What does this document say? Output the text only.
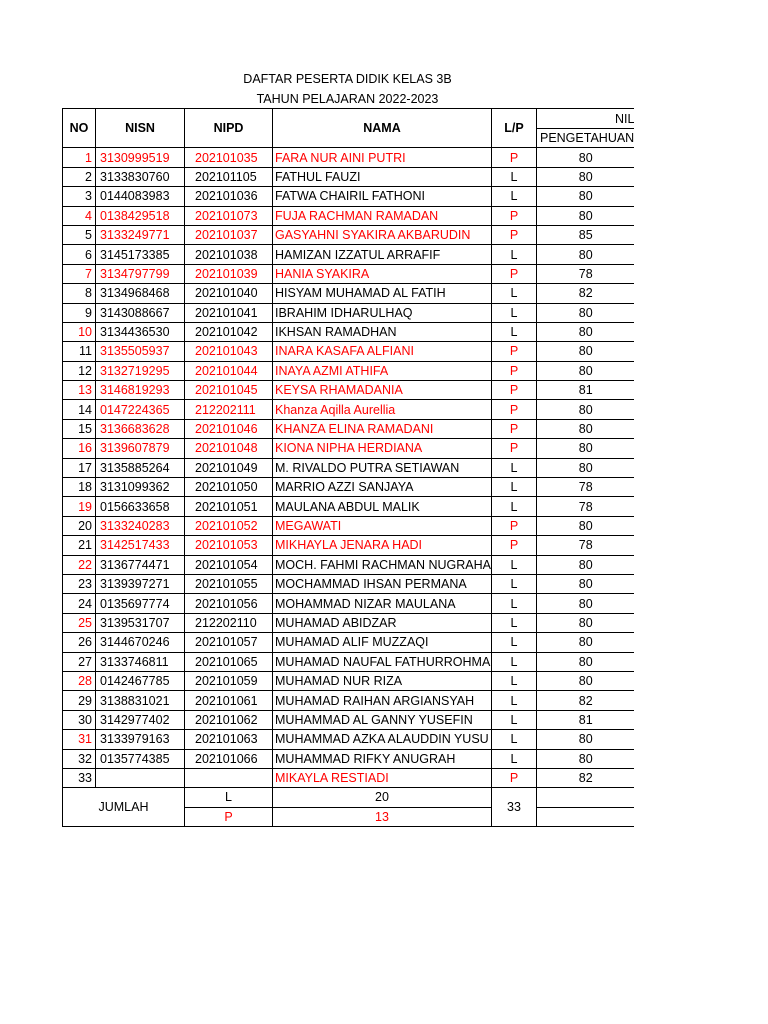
DAFTAR PESERTA DIDIK KELAS 3B
TAHUN PELAJARAN 2022-2023
NO	NISN	NIPD	NAMA	L/P	NIL
					PENGETAHUAN
1	3130999519	202101035	FARA NUR AINI PUTRI	P	80
2	3133830760	202101105	FATHUL FAUZI	L	80
3	0144083983	202101036	FATWA CHAIRIL FATHONI	L	80
4	0138429518	202101073	FUJA RACHMAN RAMADAN	P	80
5	3133249771	202101037	GASYAHNI SYAKIRA AKBARUDIN	P	85
6	3145173385	202101038	HAMIZAN IZZATUL ARRAFIF	L	80
7	3134797799	202101039	HANIA SYAKIRA	P	78
8	3134968468	202101040	HISYAM MUHAMAD AL FATIH	L	82
9	3143088667	202101041	IBRAHIM IDHARULHAQ	L	80
10	3134436530	202101042	IKHSAN RAMADHAN	L	80
11	3135505937	202101043	INARA KASAFA ALFIANI	P	80
12	3132719295	202101044	INAYA AZMI ATHIFA	P	80
13	3146819293	202101045	KEYSA RHAMADANIA	P	81
14	0147224365	212202111	Khanza Aqilla Aurellia	P	80
15	3136683628	202101046	KHANZA ELINA RAMADANI	P	80
16	3139607879	202101048	KIONA NIPHA HERDIANA	P	80
17	3135885264	202101049	M. RIVALDO PUTRA SETIAWAN	L	80
18	3131099362	202101050	MARRIO AZZI SANJAYA	L	78
19	0156633658	202101051	MAULANA ABDUL MALIK	L	78
20	3133240283	202101052	MEGAWATI	P	80
21	3142517433	202101053	MIKHAYLA JENARA HADI	P	78
22	3136774471	202101054	MOCH. FAHMI RACHMAN NUGRAHA	L	80
23	3139397271	202101055	MOCHAMMAD IHSAN PERMANA	L	80
24	0135697774	202101056	MOHAMMAD NIZAR MAULANA	L	80
25	3139531707	212202110	MUHAMAD ABIDZAR	L	80
26	3144670246	202101057	MUHAMAD ALIF MUZZAQI	L	80
27	3133746811	202101065	MUHAMAD NAUFAL FATHURROHMA	L	80
28	0142467785	202101059	MUHAMAD NUR RIZA	L	80
29	3138831021	202101061	MUHAMAD RAIHAN ARGIANSYAH	L	82
30	3142977402	202101062	MUHAMMAD AL GANNY YUSEFIN	L	81
31	3133979163	202101063	MUHAMMAD AZKA ALAUDDIN YUSU	L	80
32	0135774385	202101066	MUHAMMAD RIFKY ANUGRAH	L	80
33			MIKAYLA RESTIADI	P	82
JUMLAH		L	20	33	
		P	13		
